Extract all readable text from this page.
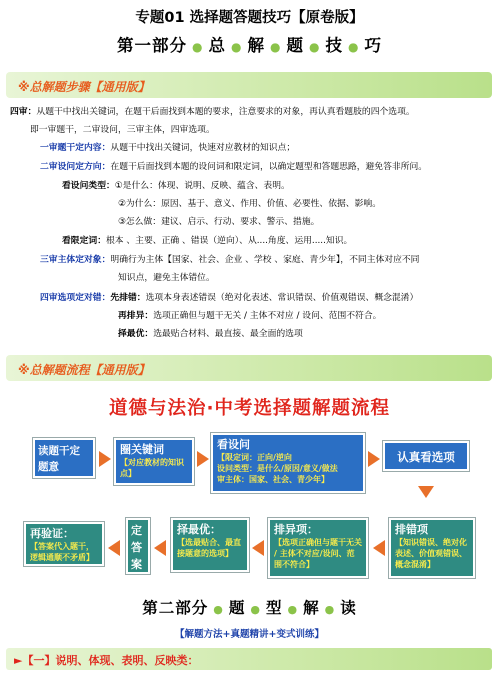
专题01 选择题答题技巧【原卷版】
第一部分 ● 总 ● 解 ● 题 ● 技 ● 巧
※总解题步骤【通用版】
四审：从题干中找出关键词，在题干后面找到本题的要求，注意要求的对象，再认真看题肢的四个选项。
即一审题干，二审设问，三审主体，四审选项。
一审题干定内容：从题干中找出关键词，快速对应教材的知识点；
二审设问定方向：在题干后面找到本题的设问词和限定词，以确定题型和答题思路，避免答非所问。
看设问类型：①是什么：体现、说明、反映、蕴含、表明。
②为什么：原因、基于、意义、作用、价值、必要性、依据、影响。
③怎么做：建议、启示、行动、要求、警示、措施。
看限定词：根本 、主要、正确 、错误（逆向）、从....角度、运用.....知识。
三审主体定对象：明确行为主体【国家、社会、企业 、学校 、家庭、青少年】，不同主体对应不同
知识点，避免主体错位。
四审选项定对错：先排错：选项本身表述错误（绝对化表述、常识错误、价值观错误、概念混淆）
再排异：选项正确但与题干无关 / 主体不对应 / 设问、范围不符合。
择最优：选最贴合材料、最直接、最全面的选项
※总解题流程【通用版】
道德与法治·中考选择题解题流程
读题干定题意
圈关键词
【对应教材的知识点】
看设问
【限定词：正向/逆向
设问类型：是什么/原因/意义/做法
审主体：国家、社会、青少年】
认真看选项
排错项
【知识错误、绝对化表述、价值观错误、概念混淆】
排异项：
【选项正确但与题干无关 / 主体不对应/设问、范围不符合】
择最优：
【选最贴合、最直接题意的选项】
定答案
再验证：
【答案代入题干，逻辑通顺不矛盾】
第二部分 ● 题 ● 型 ● 解 ● 读
【解题方法+真题精讲+变式训练】
►【一】说明、体现、表明、反映类：
